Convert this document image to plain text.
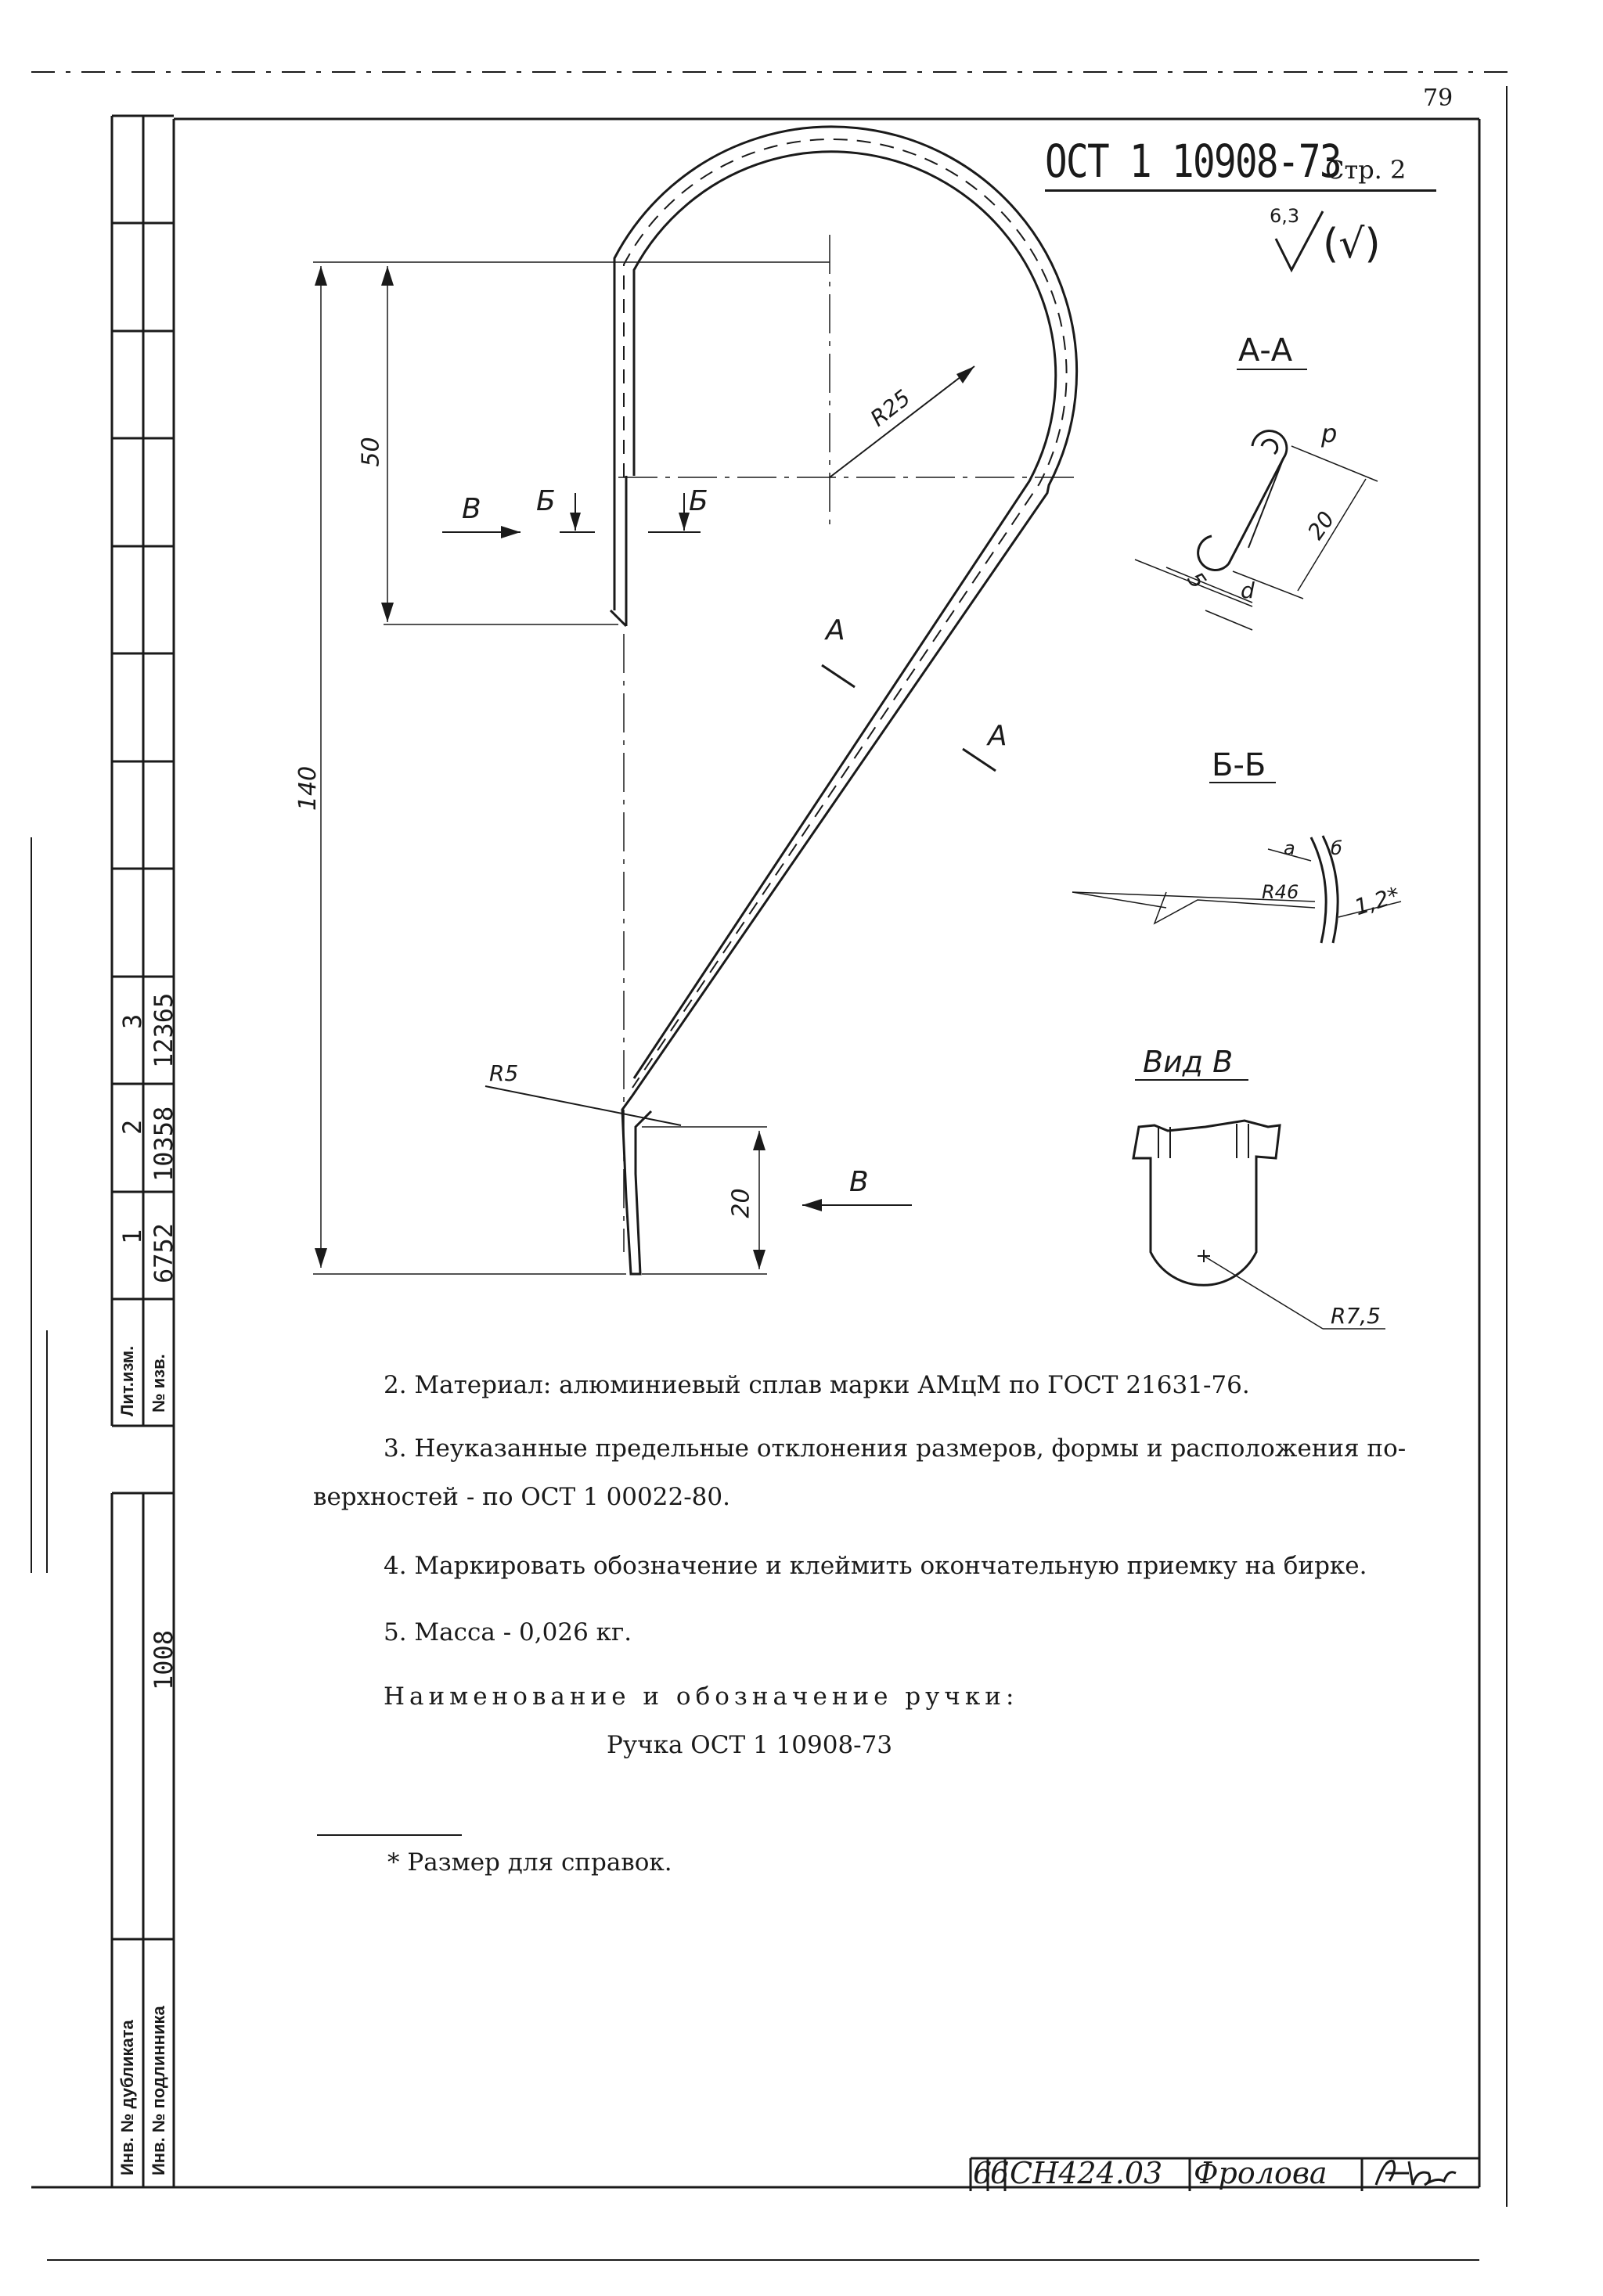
79
ОСТ 1 10908-73
Стр. 2
6,3
(√)
140
50
R25
R5
20
В
В
Б	Б
А
А
А-А
р
20
5 d
Б-Б
R46 1,2*
а б
Вид В
R7,5
2. Материал: алюминиевый сплав марки АМцМ по ГОСТ 21631-76.
3. Неуказанные предельные отклонения размеров, формы и расположения по-
верхностей - по ОСТ 1 00022-80.
4. Маркировать обозначение и клеймить окончательную приемку на бирке.
5. Масса - 0,026 кг.
Наименование и обозначение ручки:
Ручка ОСТ 1 10908-73
* Размер для справок.
3
2
1
12365
10358
6752
Лит.изм. № изв.
1008
Инв. № дубликата Инв. № подлинника	6
6 СН424.03 Фролова
